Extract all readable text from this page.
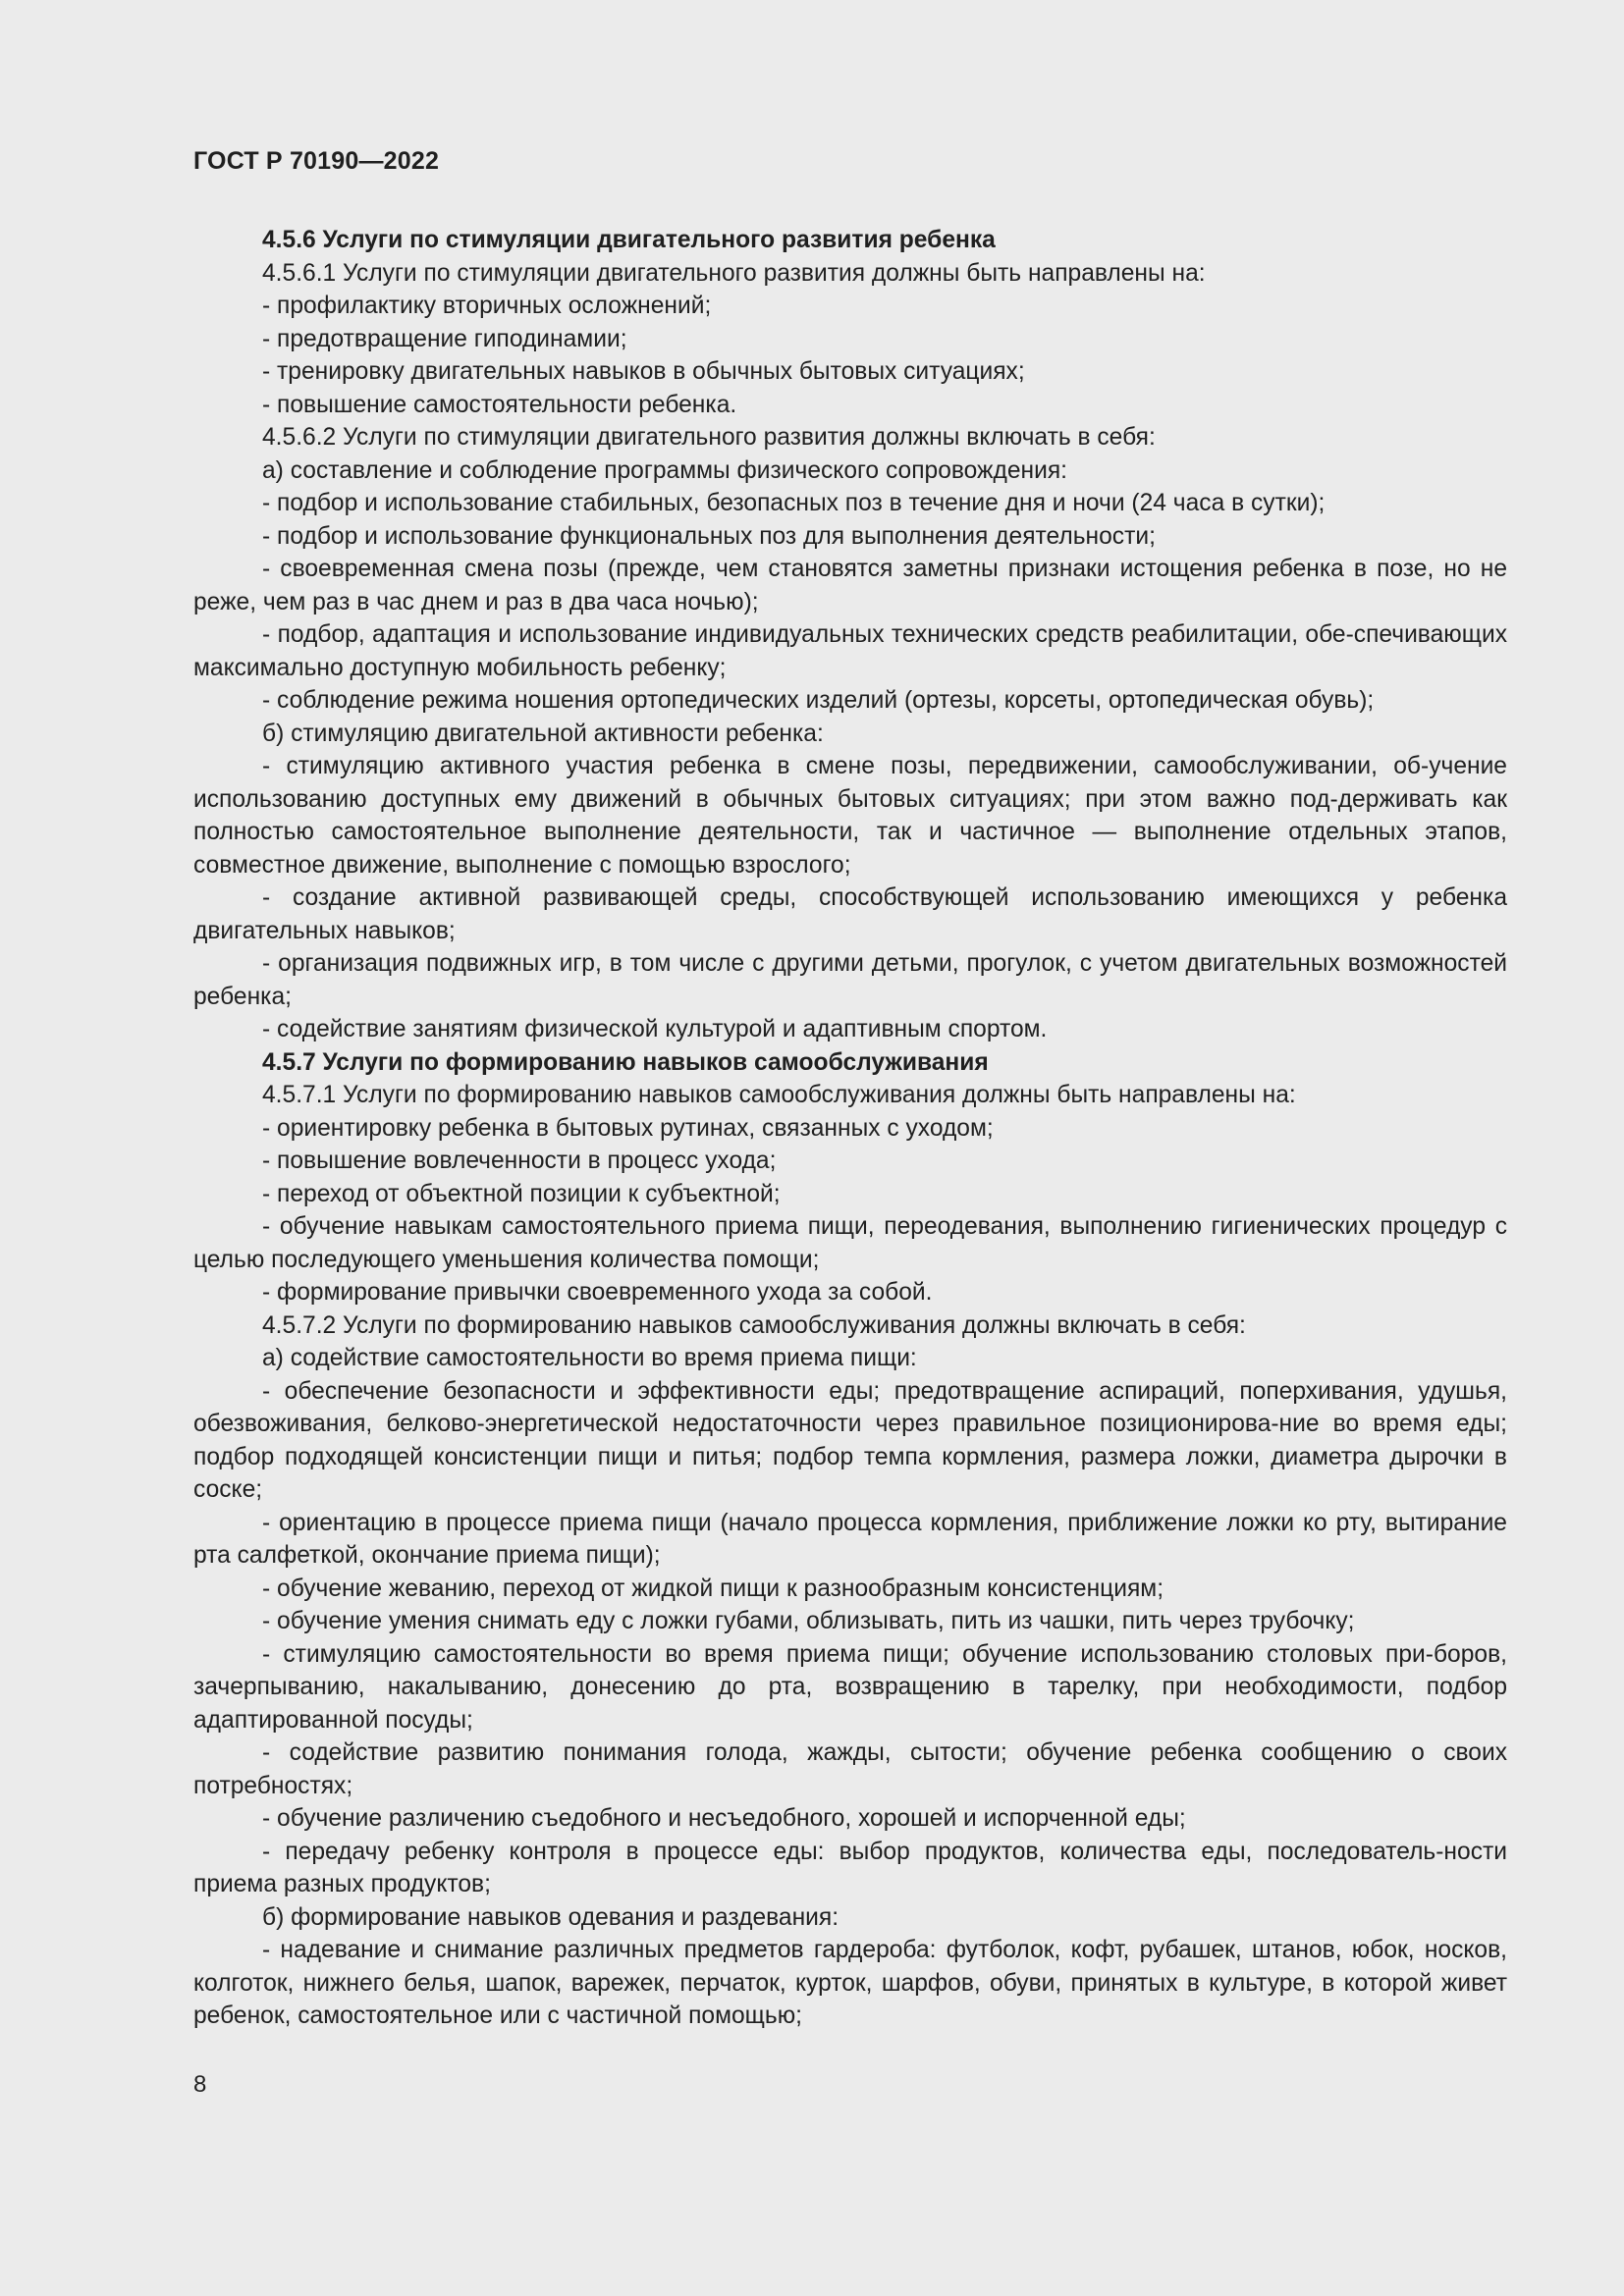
ГОСТ Р 70190—2022

4.5.6 Услуги по стимуляции двигательного развития ребенка

4.5.6.1 Услуги по стимуляции двигательного развития должны быть направлены на:

- профилактику вторичных осложнений;

- предотвращение гиподинамии;

- тренировку двигательных навыков в обычных бытовых ситуациях;

- повышение самостоятельности ребенка.

4.5.6.2 Услуги по стимуляции двигательного развития должны включать в себя:

а) составление и соблюдение программы физического сопровождения:

- подбор и использование стабильных, безопасных поз в течение дня и ночи (24 часа в сутки);

- подбор и использование функциональных поз для выполнения деятельности;

- своевременная смена позы (прежде, чем становятся заметны признаки истощения ребенка в позе, но не реже, чем раз в час днем и раз в два часа ночью);

- подбор, адаптация и использование индивидуальных технических средств реабилитации, обе-спечивающих максимально доступную мобильность ребенку;

- соблюдение режима ношения ортопедических изделий (ортезы, корсеты, ортопедическая обувь);

б) стимуляцию двигательной активности ребенка:

- стимуляцию активного участия ребенка в смене позы, передвижении, самообслуживании, об-учение использованию доступных ему движений в обычных бытовых ситуациях; при этом важно под-держивать как полностью самостоятельное выполнение деятельности, так и частичное — выполнение отдельных этапов, совместное движение, выполнение с помощью взрослого;

- создание активной развивающей среды, способствующей использованию имеющихся у ребенка двигательных навыков;

- организация подвижных игр, в том числе с другими детьми, прогулок, с учетом двигательных возможностей ребенка;

- содействие занятиям физической культурой и адаптивным спортом.

4.5.7 Услуги по формированию навыков самообслуживания

4.5.7.1 Услуги по формированию навыков самообслуживания должны быть направлены на:

- ориентировку ребенка в бытовых рутинах, связанных с уходом;

- повышение вовлеченности в процесс ухода;

- переход от объектной позиции к субъектной;

- обучение навыкам самостоятельного приема пищи, переодевания, выполнению гигиенических процедур с целью последующего уменьшения количества помощи;

- формирование привычки своевременного ухода за собой.

4.5.7.2 Услуги по формированию навыков самообслуживания должны включать в себя:

а) содействие самостоятельности во время приема пищи:

- обеспечение безопасности и эффективности еды; предотвращение аспираций, поперхивания, удушья, обезвоживания, белково-энергетической недостаточности через правильное позиционирова-ние во время еды; подбор подходящей консистенции пищи и питья; подбор темпа кормления, размера ложки, диаметра дырочки в соске;

- ориентацию в процессе приема пищи (начало процесса кормления, приближение ложки ко рту, вытирание рта салфеткой, окончание приема пищи);

- обучение жеванию, переход от жидкой пищи к разнообразным консистенциям;

- обучение умения снимать еду с ложки губами, облизывать, пить из чашки, пить через трубочку;

- стимуляцию самостоятельности во время приема пищи; обучение использованию столовых при-боров, зачерпыванию, накалыванию, донесению до рта, возвращению в тарелку, при необходимости, подбор адаптированной посуды;

- содействие развитию понимания голода, жажды, сытости; обучение ребенка сообщению о своих потребностях;

- обучение различению съедобного и несъедобного, хорошей и испорченной еды;

- передачу ребенку контроля в процессе еды: выбор продуктов, количества еды, последователь-ности приема разных продуктов;

б) формирование навыков одевания и раздевания:

- надевание и снимание различных предметов гардероба: футболок, кофт, рубашек, штанов, юбок, носков, колготок, нижнего белья, шапок, варежек, перчаток, курток, шарфов, обуви, принятых в культуре, в которой живет ребенок, самостоятельное или с частичной помощью;

8
